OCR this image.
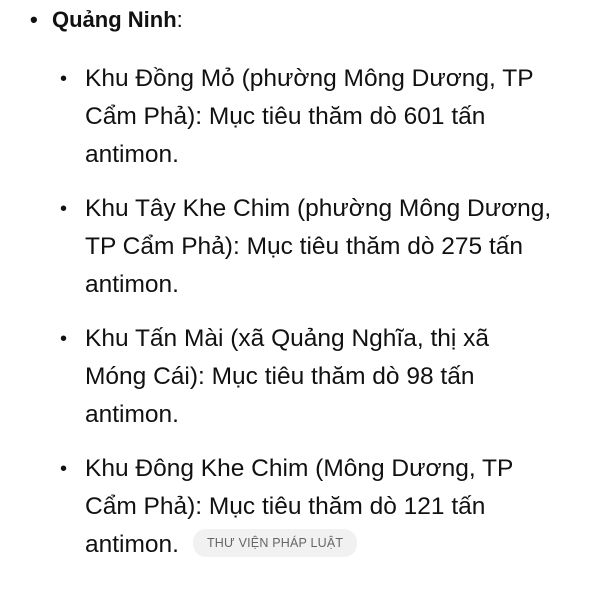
• Quảng Ninh:
• Khu Đồng Mỏ (phường Mông Dương, TP
Cẩm Phả): Mục tiêu thăm dò 601 tấn
antimon.
• Khu Tây Khe Chim (phường Mông Dương,
TP Cẩm Phả): Mục tiêu thăm dò 275 tấn
antimon.
• Khu Tấn Mài (xã Quảng Nghĩa, thị xã
Móng Cái): Mục tiêu thăm dò 98 tấn
antimon.
• Khu Đông Khe Chim (Mông Dương, TP
Cẩm Phả): Mục tiêu thăm dò 121 tấn
antimon. THƯ VIỆN PHÁP LUẬT
